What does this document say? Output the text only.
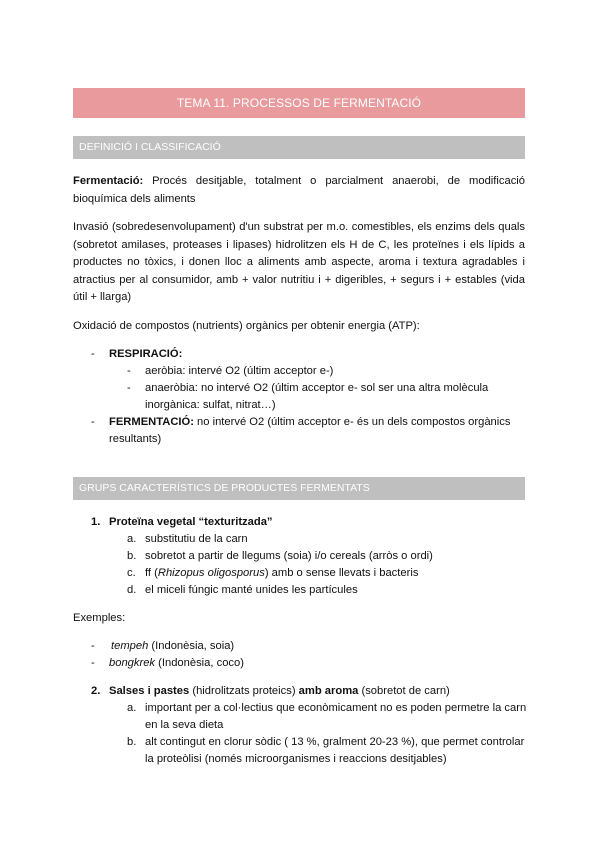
TEMA 11. PROCESSOS DE FERMENTACIÓ
DEFINICIÓ I CLASSIFICACIÓ
Fermentació: Procés desitjable, totalment o parcialment anaerobi, de modificació bioquímica dels aliments
Invasió (sobredesenvolupament) d'un substrat per m.o. comestibles, els enzims dels quals (sobretot amilases, proteases i lipases) hidrolitzen els H de C, les proteïnes i els lípids a productes no tòxics, i donen lloc a aliments amb aspecte, aroma i textura agradables i atractius per al consumidor, amb + valor nutritiu i + digeribles, + segurs i + estables (vida útil + llarga)
Oxidació de compostos (nutrients) orgànics per obtenir energia (ATP):
- RESPIRACIÓ:
- aeròbia: intervé O2 (últim acceptor e-)
- anaeròbia: no intervé O2 (últim acceptor e- sol ser una altra molècula
inorgànica: sulfat, nitrat…)
- FERMENTACIÓ: no intervé O2 (últim acceptor e- és un dels compostos orgànics
resultants)
GRUPS CARACTERÍSTICS DE PRODUCTES FERMENTATS
1. Proteïna vegetal “texturitzada”
a. substitutiu de la carn
b. sobretot a partir de llegums (soia) i/o cereals (arròs o ordi)
c. ff (Rhizopus oligosporus) amb o sense llevats i bacteris
d. el miceli fúngic manté unides les partícules
Exemples:
- tempeh (Indonèsia, soia)
- bongkrek (Indonèsia, coco)
2. Salses i pastes (hidrolitzats proteics) amb aroma (sobretot de carn)
a. important per a col·lectius que econòmicament no es poden permetre la carn
en la seva dieta
b. alt contingut en clorur sòdic ( 13 %, gralment 20-23 %), que permet controlar
la proteòlisi (només microorganismes i reaccions desitjables)
